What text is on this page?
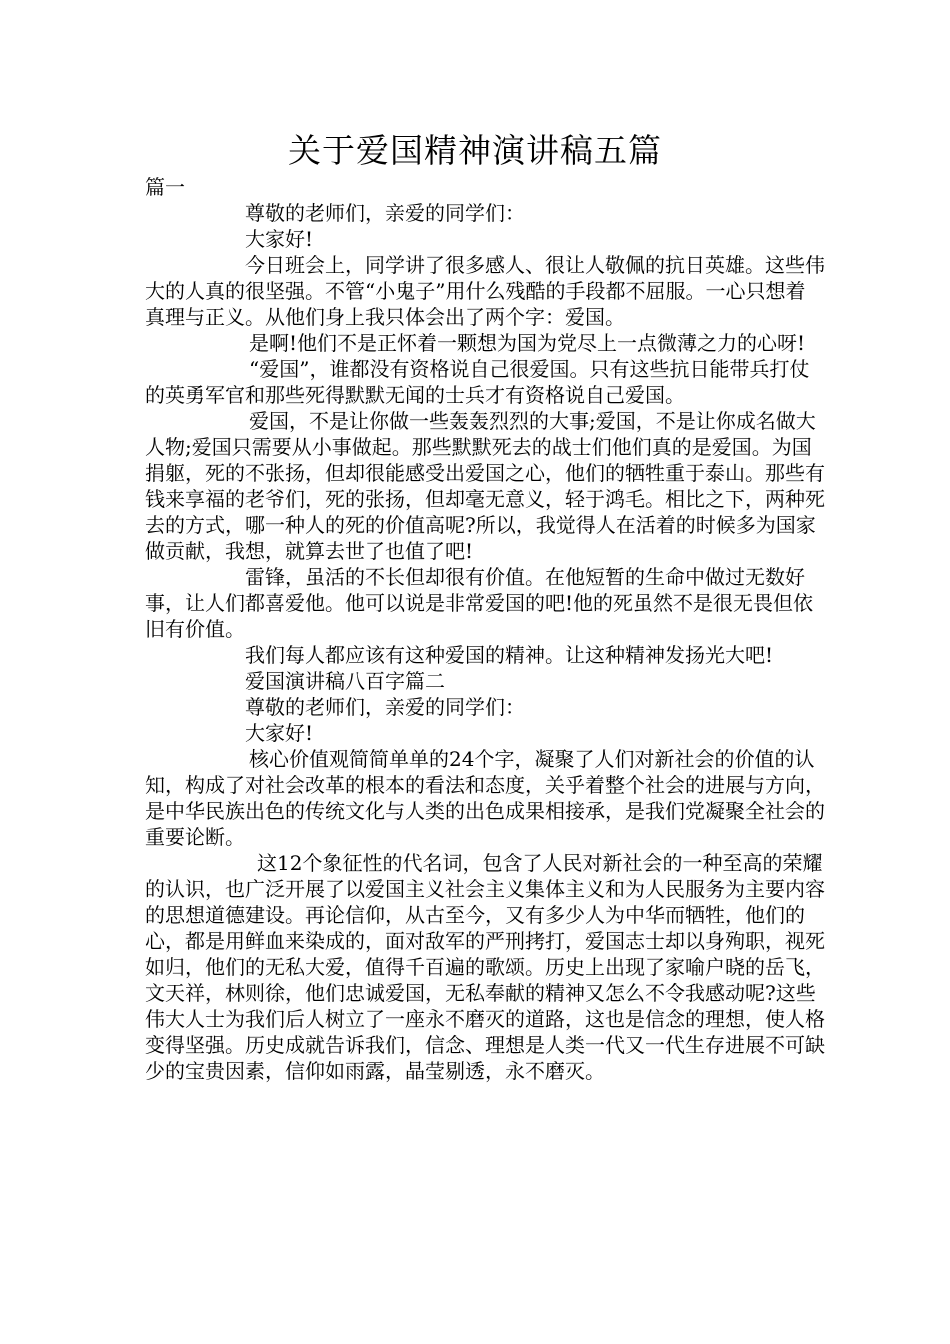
关于爱国精神演讲稿五篇

篇一

尊敬的老师们，亲爱的同学们：

大家好!

今日班会上，同学讲了很多感人、很让人敬佩的抗日英雄。这些伟大的人真的很坚强。不管“小鬼子”用什么残酷的手段都不屈服。一心只想着真理与正义。从他们身上我只体会出了两个字：爱国。

是啊!他们不是正怀着一颗想为国为党尽上一点微薄之力的心呀!

“爱国”，谁都没有资格说自己很爱国。只有这些抗日能带兵打仗的英勇军官和那些死得默默无闻的士兵才有资格说自己爱国。

爱国，不是让你做一些轰轰烈烈的大事;爱国，不是让你成名做大人物;爱国只需要从小事做起。那些默默死去的战士们他们真的是爱国。为国捐躯，死的不张扬，但却很能感受出爱国之心，他们的牺牲重于泰山。那些有钱来享福的老爷们，死的张扬，但却毫无意义，轻于鸿毛。相比之下，两种死去的方式，哪一种人的死的价值高呢?所以，我觉得人在活着的时候多为国家做贡献，我想，就算去世了也值了吧!

雷锋，虽活的不长但却很有价值。在他短暂的生命中做过无数好事，让人们都喜爱他。他可以说是非常爱国的吧!他的死虽然不是很无畏但依旧有价值。

我们每人都应该有这种爱国的精神。让这种精神发扬光大吧!

爱国演讲稿八百字篇二

尊敬的老师们，亲爱的同学们：

大家好!

核心价值观简简单单的24个字，凝聚了人们对新社会的价值的认知，构成了对社会改革的根本的看法和态度，关乎着整个社会的进展与方向，是中华民族出色的传统文化与人类的出色成果相接承，是我们党凝聚全社会的重要论断。

这12个象征性的代名词，包含了人民对新社会的一种至高的荣耀的认识，也广泛开展了以爱国主义社会主义集体主义和为人民服务为主要内容的思想道德建设。再论信仰，从古至今，又有多少人为中华而牺牲，他们的心，都是用鲜血来染成的，面对敌军的严刑拷打，爱国志士却以身殉职，视死如归，他们的无私大爱，值得千百遍的歌颂。历史上出现了家喻户晓的岳飞，文天祥，林则徐，他们忠诚爱国，无私奉献的精神又怎么不令我感动呢?这些伟大人士为我们后人树立了一座永不磨灭的道路，这也是信念的理想，使人格变得坚强。历史成就告诉我们，信念、理想是人类一代又一代生存进展不可缺少的宝贵因素，信仰如雨露，晶莹剔透，永不磨灭。
